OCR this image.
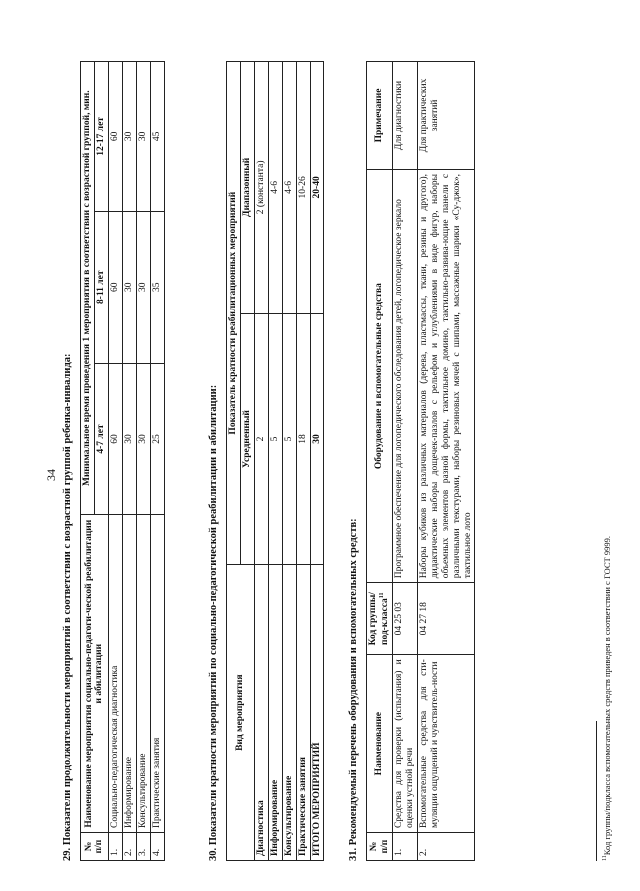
34 29. Показатели продолжительности мероприятий в соответствии с возрастной группой ребенка-инвалида: № п/п	Наименование мероприятия социально-педагоги-ческой реабилитации и абилитации	Минимальное время проведения 1 мероприятия в соответствии с возрастной группой, мин.		
		4-7 лет	8-11 лет	12-17 лет
1.	Социально-педагогическая диагностика	60	60	60
2.	Информирование	30	30	30
3.	Консультирование	30	30	30
4.	Практические занятия	25	35	45
30. Показатели кратности мероприятий по социально-педагогической реабилитации и абилитации: Вид мероприятия	Показатель кратности реабилитационных мероприятий	
	Усредненный	Диапазонный
Диагностика	2	2 (константа)
Информирование	5	4-6
Консультирование	5	4-6
Практические занятия	18	10-26
ИТОГО МЕРОПРИЯТИЙ	30	20-40
31. Рекомендуемый перечень оборудования и вспомогательных средств: № п/п	Наименование	Код группы/под-класса$^{11}$	Оборудование и вспомогательные средства	Примечание
1.	Средства для проверки (испытания) и оценки устной речи	04 25 03	Программное обеспечение для логопедического обследования детей, логопедическое зеркало	Для диагностики
2.	Вспомогательные средства для сти-муляции ощущений и чувствитель-ности	04 27 18	Наборы кубиков из различных материалов (дерева, пластмассы, ткани, резины и другого), дидактические наборы дощечек-пазлов с рельефом и углублениями в виде фигур, наборы объемных элементов разной формы, тактильное домино, тактильно-развива-ющие панели с различными текстурами, наборы резиновых мячей с шипами, массажные шарики «Су-джок», тактильное лото	Для практических занятий
$^{11}$Код группы/подкласса вспомогательных средств приведен в соответствии с ГОСТ 9999.
